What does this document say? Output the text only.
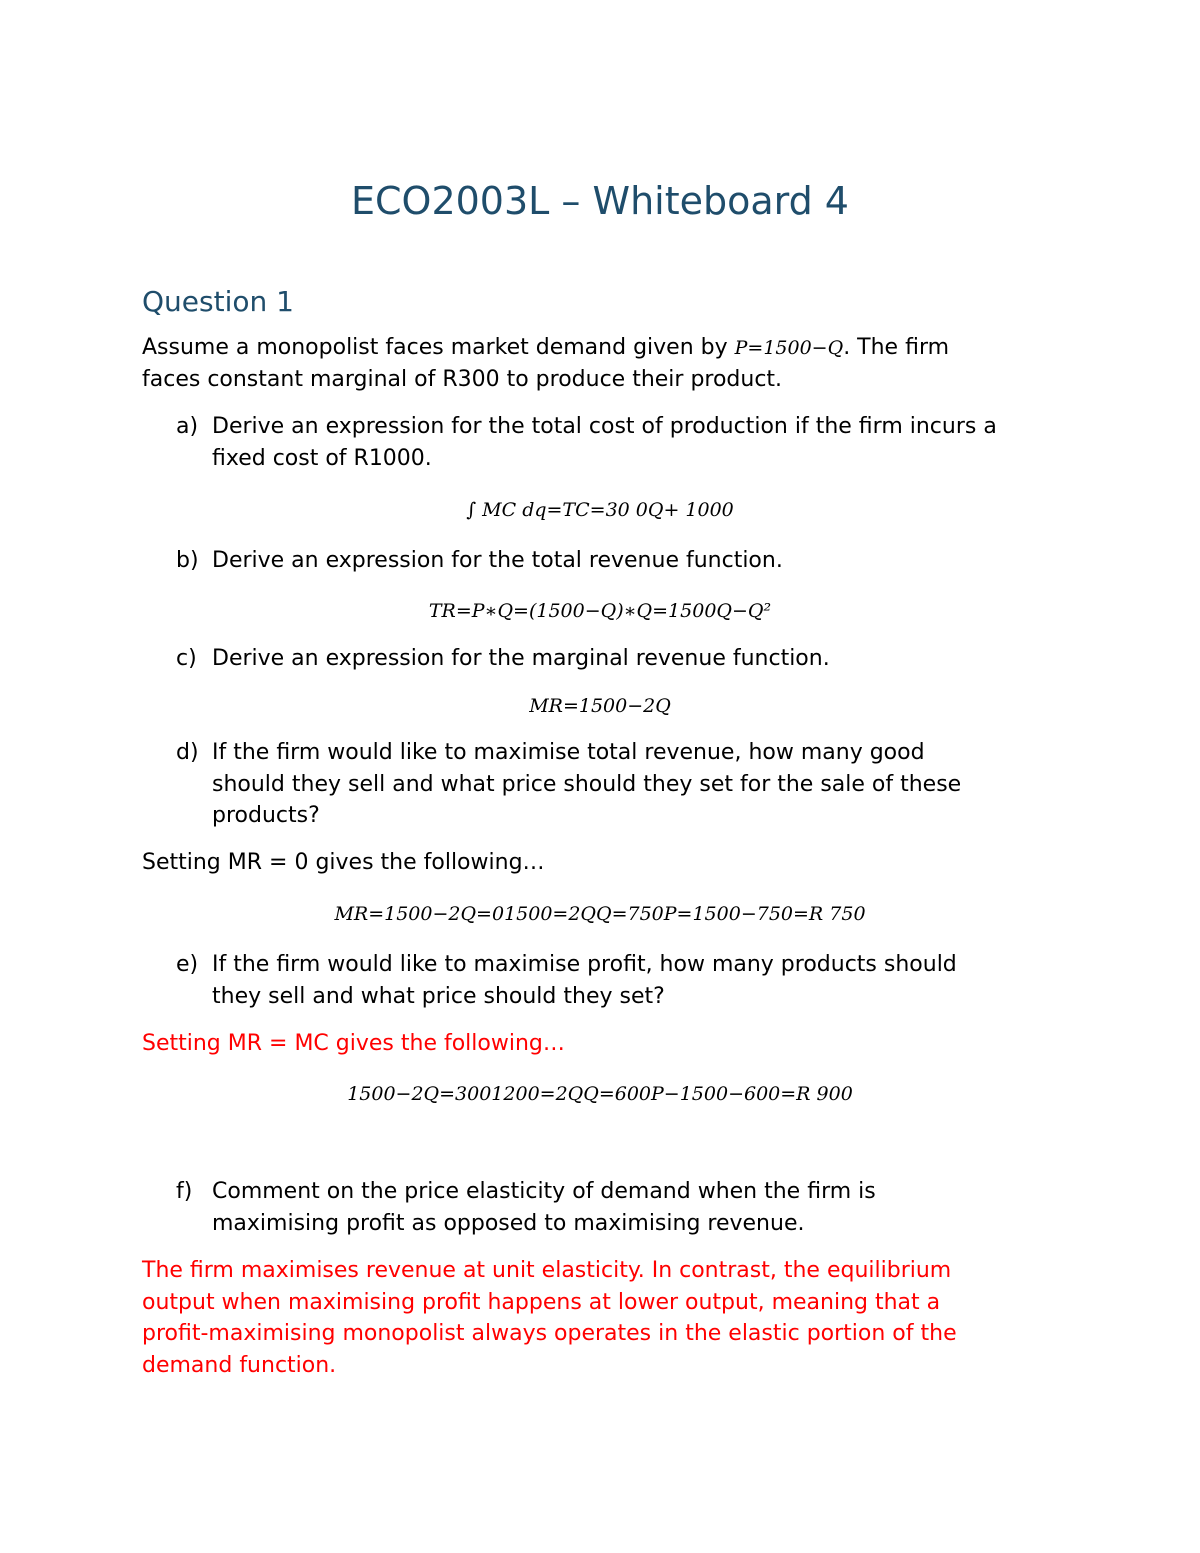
ECO2003L – Whiteboard 4
Question 1
Assume a monopolist faces market demand given by P=1500−Q. The firm
faces constant marginal of R300 to produce their product.
a) Derive an expression for the total cost of production if the firm incurs a
fixed cost of R1000.
∫ MC dq=TC=30 0Q+ 1000
b) Derive an expression for the total revenue function.
TR=P∗Q=(1500−Q)∗Q=1500Q−Q²
c) Derive an expression for the marginal revenue function.
MR=1500−2Q
d) If the firm would like to maximise total revenue, how many good
should they sell and what price should they set for the sale of these
products?
Setting MR = 0 gives the following…
MR=1500−2Q=01500=2QQ=750P=1500−750=R 750
e) If the firm would like to maximise profit, how many products should
they sell and what price should they set?
Setting MR = MC gives the following…
1500−2Q=3001200=2QQ=600P−1500−600=R 900
f) Comment on the price elasticity of demand when the firm is
maximising profit as opposed to maximising revenue.
The firm maximises revenue at unit elasticity. In contrast, the equilibrium
output when maximising profit happens at lower output, meaning that a
profit-maximising monopolist always operates in the elastic portion of the
demand function.
